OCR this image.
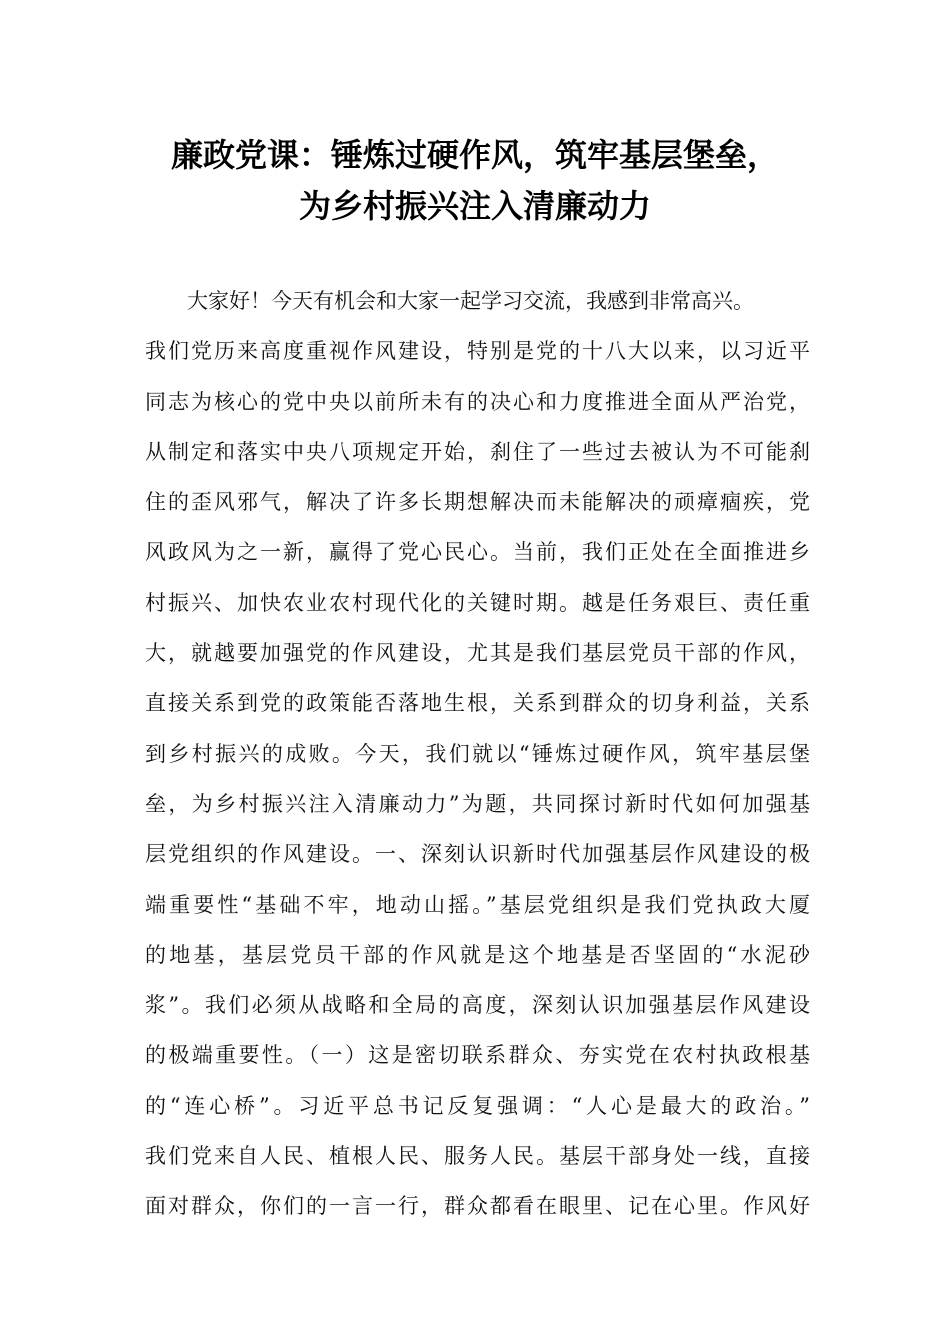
廉政党课：锤炼过硬作风，筑牢基层堡垒，
为乡村振兴注入清廉动力
大家好！今天有机会和大家一起学习交流，我感到非常高兴。
我们党历来高度重视作风建设，特别是党的十八大以来，以习近平
同志为核心的党中央以前所未有的决心和力度推进全面从严治党，
从制定和落实中央八项规定开始，刹住了一些过去被认为不可能刹
住的歪风邪气，解决了许多长期想解决而未能解决的顽瘴痼疾，党
风政风为之一新，赢得了党心民心。当前，我们正处在全面推进乡
村振兴、加快农业农村现代化的关键时期。越是任务艰巨、责任重
大，就越要加强党的作风建设，尤其是我们基层党员干部的作风，
直接关系到党的政策能否落地生根，关系到群众的切身利益，关系
到乡村振兴的成败。今天，我们就以“锤炼过硬作风，筑牢基层堡
垒，为乡村振兴注入清廉动力”为题，共同探讨新时代如何加强基
层党组织的作风建设。一、深刻认识新时代加强基层作风建设的极
端重要性“基础不牢，地动山摇。”基层党组织是我们党执政大厦
的地基，基层党员干部的作风就是这个地基是否坚固的“水泥砂
浆”。我们必须从战略和全局的高度，深刻认识加强基层作风建设
的极端重要性。（一）这是密切联系群众、夯实党在农村执政根基
的“连心桥”。习近平总书记反复强调：“人心是最大的政治。”
我们党来自人民、植根人民、服务人民。基层干部身处一线，直接
面对群众，你们的一言一行，群众都看在眼里、记在心里。作风好
